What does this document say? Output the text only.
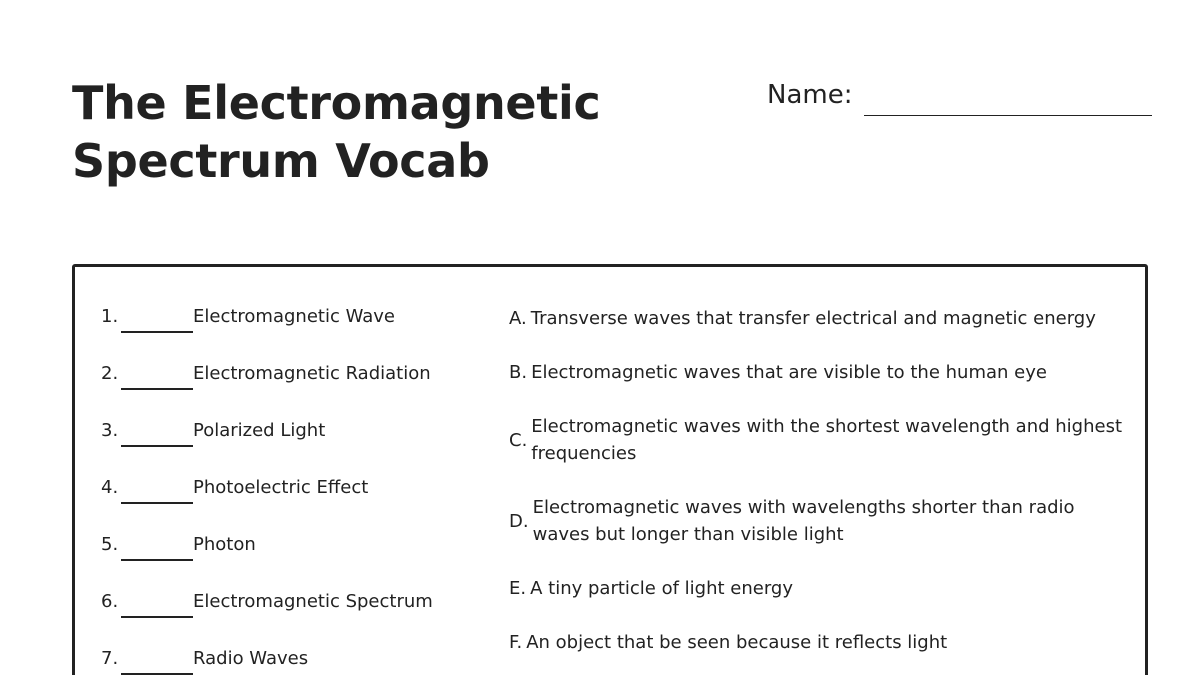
The Electromagnetic
Spectrum Vocab
Name:
1.	Electromagnetic Wave
2.	Electromagnetic Radiation
3.	Polarized Light
4.	Photoelectric Effect
5.	Photon
6.	Electromagnetic Spectrum
7.	Radio Waves
A. Transverse waves that transfer electrical and magnetic energy
B. Electromagnetic waves that are visible to the human eye
C.
Electromagnetic waves with the shortest wavelength and highest frequencies
D.
Electromagnetic waves with wavelengths shorter than radio waves but longer than visible light
E. A tiny particle of light energy
F. An object that be seen because it reflects light
